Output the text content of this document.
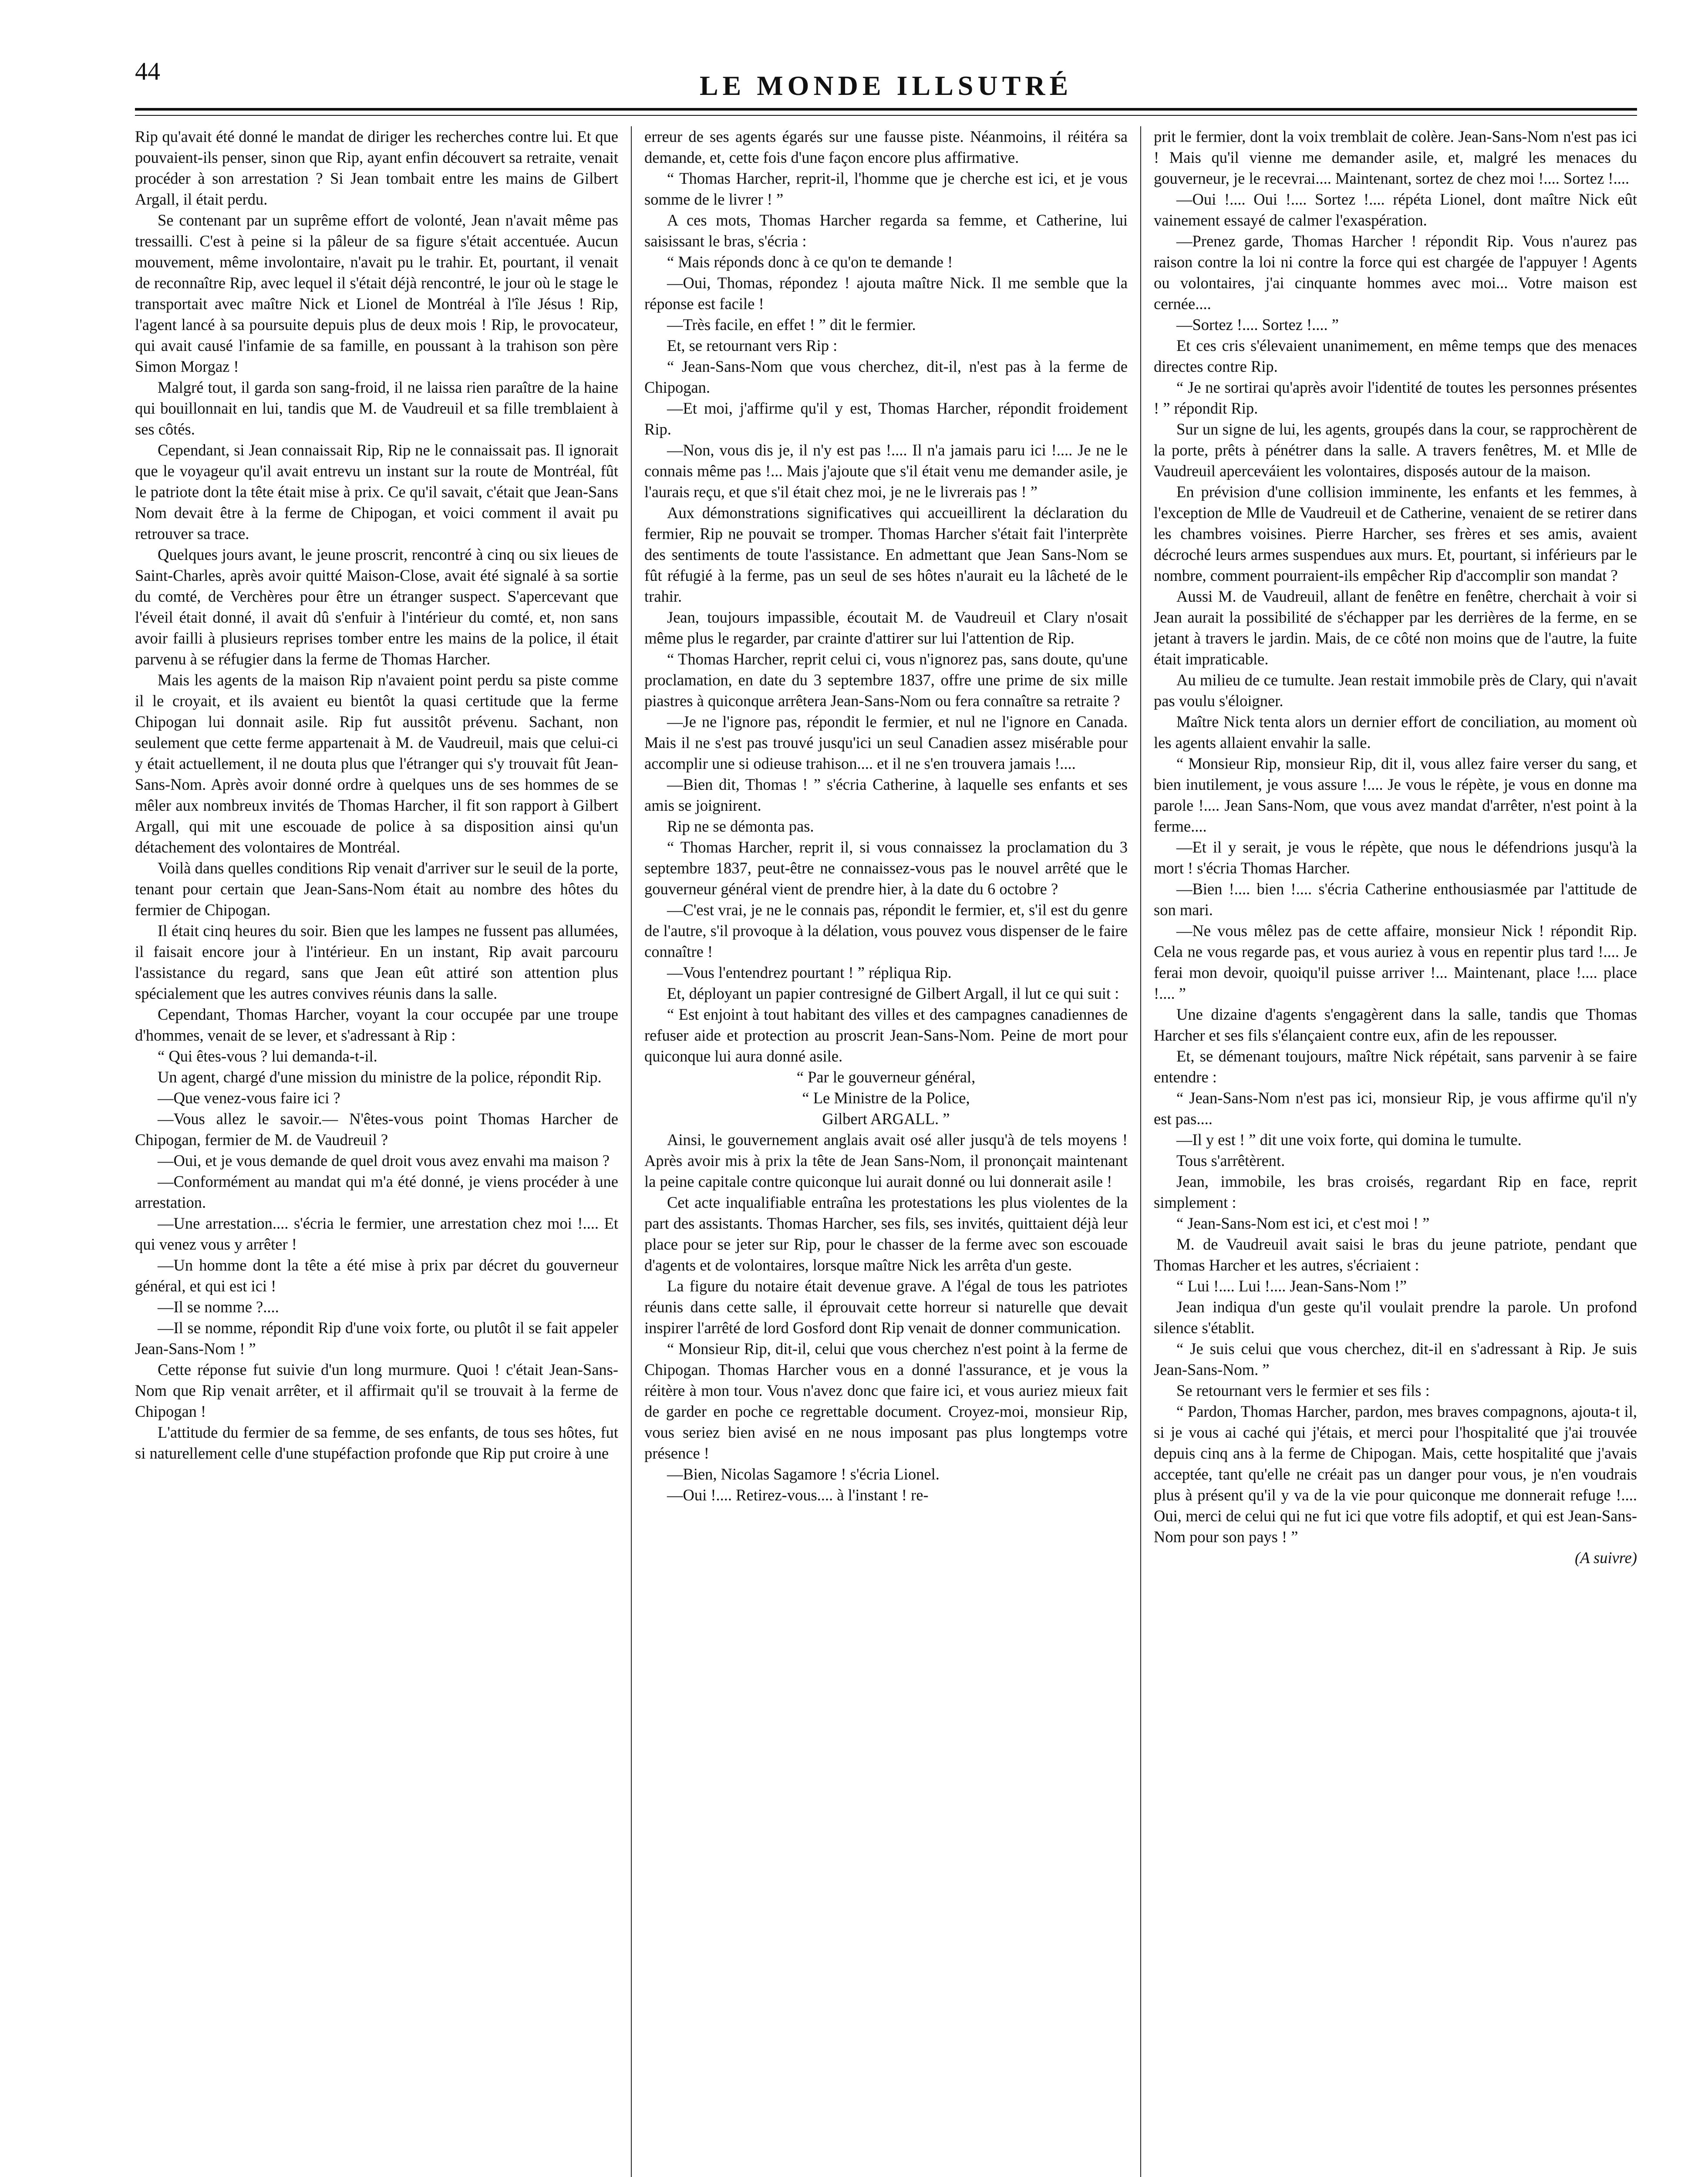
44	LE MONDE ILLSUTRÉ

Rip qu'avait été donné le mandat de diriger les recherches contre lui. Et que pouvaient-ils penser, sinon que Rip, ayant enfin découvert sa retraite, venait procéder à son arrestation ? Si Jean tombait entre les mains de Gilbert Argall, il était perdu.

Se contenant par un suprême effort de volonté, Jean n'avait même pas tressailli. C'est à peine si la pâleur de sa figure s'était accentuée. Aucun mouvement, même involontaire, n'avait pu le trahir. Et, pourtant, il venait de reconnaître Rip, avec lequel il s'était déjà rencontré, le jour où le stage le transportait avec maître Nick et Lionel de Montréal à l'île Jésus ! Rip, l'agent lancé à sa poursuite depuis plus de deux mois ! Rip, le provocateur, qui avait causé l'infamie de sa famille, en poussant à la trahison son père Simon Morgaz !

Malgré tout, il garda son sang-froid, il ne laissa rien paraître de la haine qui bouillonnait en lui, tandis que M. de Vaudreuil et sa fille tremblaient à ses côtés.

Cependant, si Jean connaissait Rip, Rip ne le connaissait pas. Il ignorait que le voyageur qu'il avait entrevu un instant sur la route de Montréal, fût le patriote dont la tête était mise à prix. Ce qu'il savait, c'était que Jean-Sans Nom devait être à la ferme de Chipogan, et voici comment il avait pu retrouver sa trace.

Quelques jours avant, le jeune proscrit, rencontré à cinq ou six lieues de Saint-Charles, après avoir quitté Maison-Close, avait été signalé à sa sortie du comté, de Verchères pour être un étranger suspect. S'apercevant que l'éveil était donné, il avait dû s'enfuir à l'intérieur du comté, et, non sans avoir failli à plusieurs reprises tomber entre les mains de la police, il était parvenu à se réfugier dans la ferme de Thomas Harcher.

Mais les agents de la maison Rip n'avaient point perdu sa piste comme il le croyait, et ils avaient eu bientôt la quasi certitude que la ferme Chipogan lui donnait asile. Rip fut aussitôt prévenu. Sachant, non seulement que cette ferme appartenait à M. de Vaudreuil, mais que celui-ci y était actuellement, il ne douta plus que l'étranger qui s'y trouvait fût Jean-Sans-Nom. Après avoir donné ordre à quelques uns de ses hommes de se mêler aux nombreux invités de Thomas Harcher, il fit son rapport à Gilbert Argall, qui mit une escouade de police à sa disposition ainsi qu'un détachement des volontaires de Montréal.

Voilà dans quelles conditions Rip venait d'arriver sur le seuil de la porte, tenant pour certain que Jean-Sans-Nom était au nombre des hôtes du fermier de Chipogan.

Il était cinq heures du soir. Bien que les lampes ne fussent pas allumées, il faisait encore jour à l'intérieur. En un instant, Rip avait parcouru l'assistance du regard, sans que Jean eût attiré son attention plus spécialement que les autres convives réunis dans la salle.

Cependant, Thomas Harcher, voyant la cour occupée par une troupe d'hommes, venait de se lever, et s'adressant à Rip :

“ Qui êtes-vous ? lui demanda-t-il.

Un agent, chargé d'une mission du ministre de la police, répondit Rip.

—Que venez-vous faire ici ?

—Vous allez le savoir.— N'êtes-vous point Thomas Harcher de Chipogan, fermier de M. de Vaudreuil ?

—Oui, et je vous demande de quel droit vous avez envahi ma maison ?

—Conformément au mandat qui m'a été donné, je viens procéder à une arrestation.

—Une arrestation.... s'écria le fermier, une arrestation chez moi !.... Et qui venez vous y arrêter !

—Un homme dont la tête a été mise à prix par décret du gouverneur général, et qui est ici !

—Il se nomme ?....

—Il se nomme, répondit Rip d'une voix forte, ou plutôt il se fait appeler Jean-Sans-Nom ! ”

Cette réponse fut suivie d'un long murmure. Quoi ! c'était Jean-Sans-Nom que Rip venait arrêter, et il affirmait qu'il se trouvait à la ferme de Chipogan !

L'attitude du fermier de sa femme, de ses enfants, de tous ses hôtes, fut si naturellement celle d'une stupéfaction profonde que Rip put croire à une

erreur de ses agents égarés sur une fausse piste. Néanmoins, il réitéra sa demande, et, cette fois d'une façon encore plus affirmative.

“ Thomas Harcher, reprit-il, l'homme que je cherche est ici, et je vous somme de le livrer ! ”

A ces mots, Thomas Harcher regarda sa femme, et Catherine, lui saisissant le bras, s'écria :

“ Mais réponds donc à ce qu'on te demande !

—Oui, Thomas, répondez ! ajouta maître Nick. Il me semble que la réponse est facile !

—Très facile, en effet ! ” dit le fermier.

Et, se retournant vers Rip :

“ Jean-Sans-Nom que vous cherchez, dit-il, n'est pas à la ferme de Chipogan.

—Et moi, j'affirme qu'il y est, Thomas Harcher, répondit froidement Rip.

—Non, vous dis je, il n'y est pas !.... Il n'a jamais paru ici !.... Je ne le connais même pas !... Mais j'ajoute que s'il était venu me demander asile, je l'aurais reçu, et que s'il était chez moi, je ne le livrerais pas ! ”

Aux démonstrations significatives qui accueillirent la déclaration du fermier, Rip ne pouvait se tromper. Thomas Harcher s'était fait l'interprète des sentiments de toute l'assistance. En admettant que Jean Sans-Nom se fût réfugié à la ferme, pas un seul de ses hôtes n'aurait eu la lâcheté de le trahir.

Jean, toujours impassible, écoutait M. de Vaudreuil et Clary n'osait même plus le regarder, par crainte d'attirer sur lui l'attention de Rip.

“ Thomas Harcher, reprit celui ci, vous n'ignorez pas, sans doute, qu'une proclamation, en date du 3 septembre 1837, offre une prime de six mille piastres à quiconque arrêtera Jean-Sans-Nom ou fera connaître sa retraite ?

—Je ne l'ignore pas, répondit le fermier, et nul ne l'ignore en Canada. Mais il ne s'est pas trouvé jusqu'ici un seul Canadien assez misérable pour accomplir une si odieuse trahison.... et il ne s'en trouvera jamais !....

—Bien dit, Thomas ! ” s'écria Catherine, à laquelle ses enfants et ses amis se joignirent.

Rip ne se démonta pas.

“ Thomas Harcher, reprit il, si vous connaissez la proclamation du 3 septembre 1837, peut-être ne connaissez-vous pas le nouvel arrêté que le gouverneur général vient de prendre hier, à la date du 6 octobre ?

—C'est vrai, je ne le connais pas, répondit le fermier, et, s'il est du genre de l'autre, s'il provoque à la délation, vous pouvez vous dispenser de le faire connaître !

—Vous l'entendrez pourtant ! ” répliqua Rip.

Et, déployant un papier contresigné de Gilbert Argall, il lut ce qui suit :

“ Est enjoint à tout habitant des villes et des campagnes canadiennes de refuser aide et protection au proscrit Jean-Sans-Nom. Peine de mort pour quiconque lui aura donné asile.

“ Par le gouverneur général,

“ Le Ministre de la Police,

Gilbert ARGALL. ”

Ainsi, le gouvernement anglais avait osé aller jusqu'à de tels moyens ! Après avoir mis à prix la tête de Jean Sans-Nom, il prononçait maintenant la peine capitale contre quiconque lui aurait donné ou lui donnerait asile !

Cet acte inqualifiable entraîna les protestations les plus violentes de la part des assistants. Thomas Harcher, ses fils, ses invités, quittaient déjà leur place pour se jeter sur Rip, pour le chasser de la ferme avec son escouade d'agents et de volontaires, lorsque maître Nick les arrêta d'un geste.

La figure du notaire était devenue grave. A l'égal de tous les patriotes réunis dans cette salle, il éprouvait cette horreur si naturelle que devait inspirer l'arrêté de lord Gosford dont Rip venait de donner communication.

“ Monsieur Rip, dit-il, celui que vous cherchez n'est point à la ferme de Chipogan. Thomas Harcher vous en a donné l'assurance, et je vous la réitère à mon tour. Vous n'avez donc que faire ici, et vous auriez mieux fait de garder en poche ce regrettable document. Croyez-moi, monsieur Rip, vous seriez bien avisé en ne nous imposant pas plus longtemps votre présence !

—Bien, Nicolas Sagamore ! s'écria Lionel.

—Oui !.... Retirez-vous.... à l'instant ! re-

prit le fermier, dont la voix tremblait de colère. Jean-Sans-Nom n'est pas ici ! Mais qu'il vienne me demander asile, et, malgré les menaces du gouverneur, je le recevrai.... Maintenant, sortez de chez moi !.... Sortez !....

—Oui !.... Oui !.... Sortez !.... répéta Lionel, dont maître Nick eût vainement essayé de calmer l'exaspération.

—Prenez garde, Thomas Harcher ! répondit Rip. Vous n'aurez pas raison contre la loi ni contre la force qui est chargée de l'appuyer ! Agents ou volontaires, j'ai cinquante hommes avec moi... Votre maison est cernée....

—Sortez !.... Sortez !.... ”

Et ces cris s'élevaient unanimement, en même temps que des menaces directes contre Rip.

“ Je ne sortirai qu'après avoir l'identité de toutes les personnes présentes ! ” répondit Rip.

Sur un signe de lui, les agents, groupés dans la cour, se rapprochèrent de la porte, prêts à pénétrer dans la salle. A travers fenêtres, M. et Mlle de Vaudreuil aperceváient les volontaires, disposés autour de la maison.

En prévision d'une collision imminente, les enfants et les femmes, à l'exception de Mlle de Vaudreuil et de Catherine, venaient de se retirer dans les chambres voisines. Pierre Harcher, ses frères et ses amis, avaient décroché leurs armes suspendues aux murs. Et, pourtant, si inférieurs par le nombre, comment pourraient-ils empêcher Rip d'accomplir son mandat ?

Aussi M. de Vaudreuil, allant de fenêtre en fenêtre, cherchait à voir si Jean aurait la possibilité de s'échapper par les derrières de la ferme, en se jetant à travers le jardin. Mais, de ce côté non moins que de l'autre, la fuite était impraticable.

Au milieu de ce tumulte. Jean restait immobile près de Clary, qui n'avait pas voulu s'éloigner.

Maître Nick tenta alors un dernier effort de conciliation, au moment où les agents allaient envahir la salle.

“ Monsieur Rip, monsieur Rip, dit il, vous allez faire verser du sang, et bien inutilement, je vous assure !.... Je vous le répète, je vous en donne ma parole !.... Jean Sans-Nom, que vous avez mandat d'arrêter, n'est point à la ferme....

—Et il y serait, je vous le répète, que nous le défendrions jusqu'à la mort ! s'écria Thomas Harcher.

—Bien !.... bien !.... s'écria Catherine enthousiasmée par l'attitude de son mari.

—Ne vous mêlez pas de cette affaire, monsieur Nick ! répondit Rip. Cela ne vous regarde pas, et vous auriez à vous en repentir plus tard !.... Je ferai mon devoir, quoiqu'il puisse arriver !... Maintenant, place !.... place !.... ”

Une dizaine d'agents s'engagèrent dans la salle, tandis que Thomas Harcher et ses fils s'élançaient contre eux, afin de les repousser.

Et, se démenant toujours, maître Nick répétait, sans parvenir à se faire entendre :

“ Jean-Sans-Nom n'est pas ici, monsieur Rip, je vous affirme qu'il n'y est pas....

—Il y est ! ” dit une voix forte, qui domina le tumulte.

Tous s'arrêtèrent.

Jean, immobile, les bras croisés, regardant Rip en face, reprit simplement :

“ Jean-Sans-Nom est ici, et c'est moi ! ”

M. de Vaudreuil avait saisi le bras du jeune patriote, pendant que Thomas Harcher et les autres, s'écriaient :

“ Lui !.... Lui !.... Jean-Sans-Nom !”

Jean indiqua d'un geste qu'il voulait prendre la parole. Un profond silence s'établit.

“ Je suis celui que vous cherchez, dit-il en s'adressant à Rip. Je suis Jean-Sans-Nom. ”

Se retournant vers le fermier et ses fils :

“ Pardon, Thomas Harcher, pardon, mes braves compagnons, ajouta-t il, si je vous ai caché qui j'étais, et merci pour l'hospitalité que j'ai trouvée depuis cinq ans à la ferme de Chipogan. Mais, cette hospitalité que j'avais acceptée, tant qu'elle ne créait pas un danger pour vous, je n'en voudrais plus à présent qu'il y va de la vie pour quiconque me donnerait refuge !.... Oui, merci de celui qui ne fut ici que votre fils adoptif, et qui est Jean-Sans-Nom pour son pays ! ”

(A suivre)
